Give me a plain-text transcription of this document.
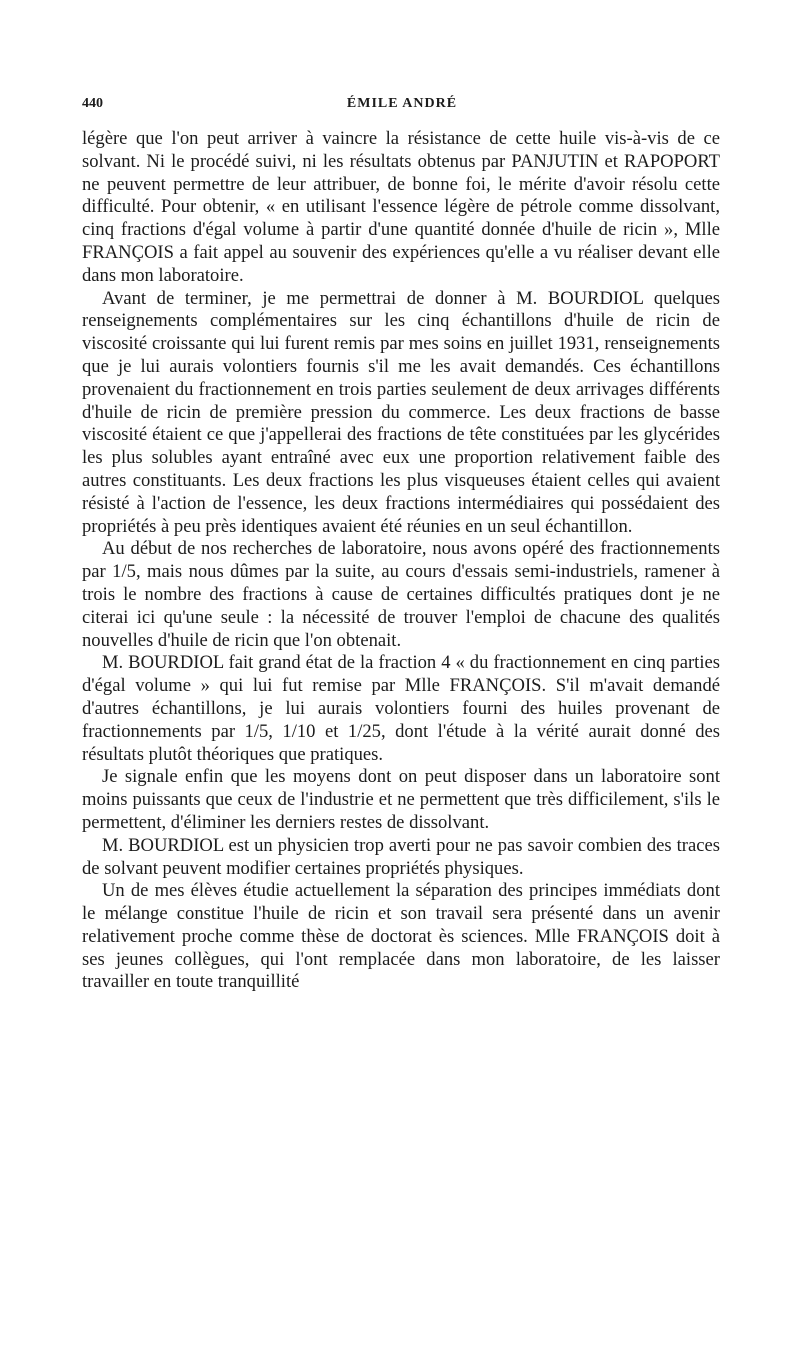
440	ÉMILE ANDRÉ

légère que l'on peut arriver à vaincre la résistance de cette huile vis-à-vis de ce solvant. Ni le procédé suivi, ni les résultats obtenus par PANJUTIN et RAPOPORT ne peuvent permettre de leur attribuer, de bonne foi, le mérite d'avoir résolu cette difficulté. Pour obtenir, « en utilisant l'essence légère de pétrole comme dissolvant, cinq fractions d'égal volume à partir d'une quantité donnée d'huile de ricin », Mlle FRANÇOIS a fait appel au souvenir des expériences qu'elle a vu réaliser devant elle dans mon laboratoire.

Avant de terminer, je me permettrai de donner à M. BOURDIOL quelques renseignements complémentaires sur les cinq échantillons d'huile de ricin de viscosité croissante qui lui furent remis par mes soins en juillet 1931, renseignements que je lui aurais volontiers fournis s'il me les avait demandés. Ces échantillons provenaient du fractionnement en trois parties seulement de deux arrivages différents d'huile de ricin de première pression du commerce. Les deux fractions de basse viscosité étaient ce que j'appellerai des fractions de tête constituées par les glycérides les plus solubles ayant entraîné avec eux une proportion relativement faible des autres constituants. Les deux fractions les plus visqueuses étaient celles qui avaient résisté à l'action de l'essence, les deux fractions intermédiaires qui possédaient des propriétés à peu près identiques avaient été réunies en un seul échantillon.

Au début de nos recherches de laboratoire, nous avons opéré des fractionnements par 1/5, mais nous dûmes par la suite, au cours d'essais semi-industriels, ramener à trois le nombre des fractions à cause de certaines difficultés pratiques dont je ne citerai ici qu'une seule : la nécessité de trouver l'emploi de chacune des qualités nouvelles d'huile de ricin que l'on obtenait.

M. BOURDIOL fait grand état de la fraction 4 « du fractionnement en cinq parties d'égal volume » qui lui fut remise par Mlle FRANÇOIS. S'il m'avait demandé d'autres échantillons, je lui aurais volontiers fourni des huiles provenant de fractionnements par 1/5, 1/10 et 1/25, dont l'étude à la vérité aurait donné des résultats plutôt théoriques que pratiques.

Je signale enfin que les moyens dont on peut disposer dans un laboratoire sont moins puissants que ceux de l'industrie et ne permettent que très difficilement, s'ils le permettent, d'éliminer les derniers restes de dissolvant.

M. BOURDIOL est un physicien trop averti pour ne pas savoir combien des traces de solvant peuvent modifier certaines propriétés physiques.

Un de mes élèves étudie actuellement la séparation des principes immédiats dont le mélange constitue l'huile de ricin et son travail sera présenté dans un avenir relativement proche comme thèse de doctorat ès sciences. Mlle FRANÇOIS doit à ses jeunes collègues, qui l'ont remplacée dans mon laboratoire, de les laisser travailler en toute tranquillité
